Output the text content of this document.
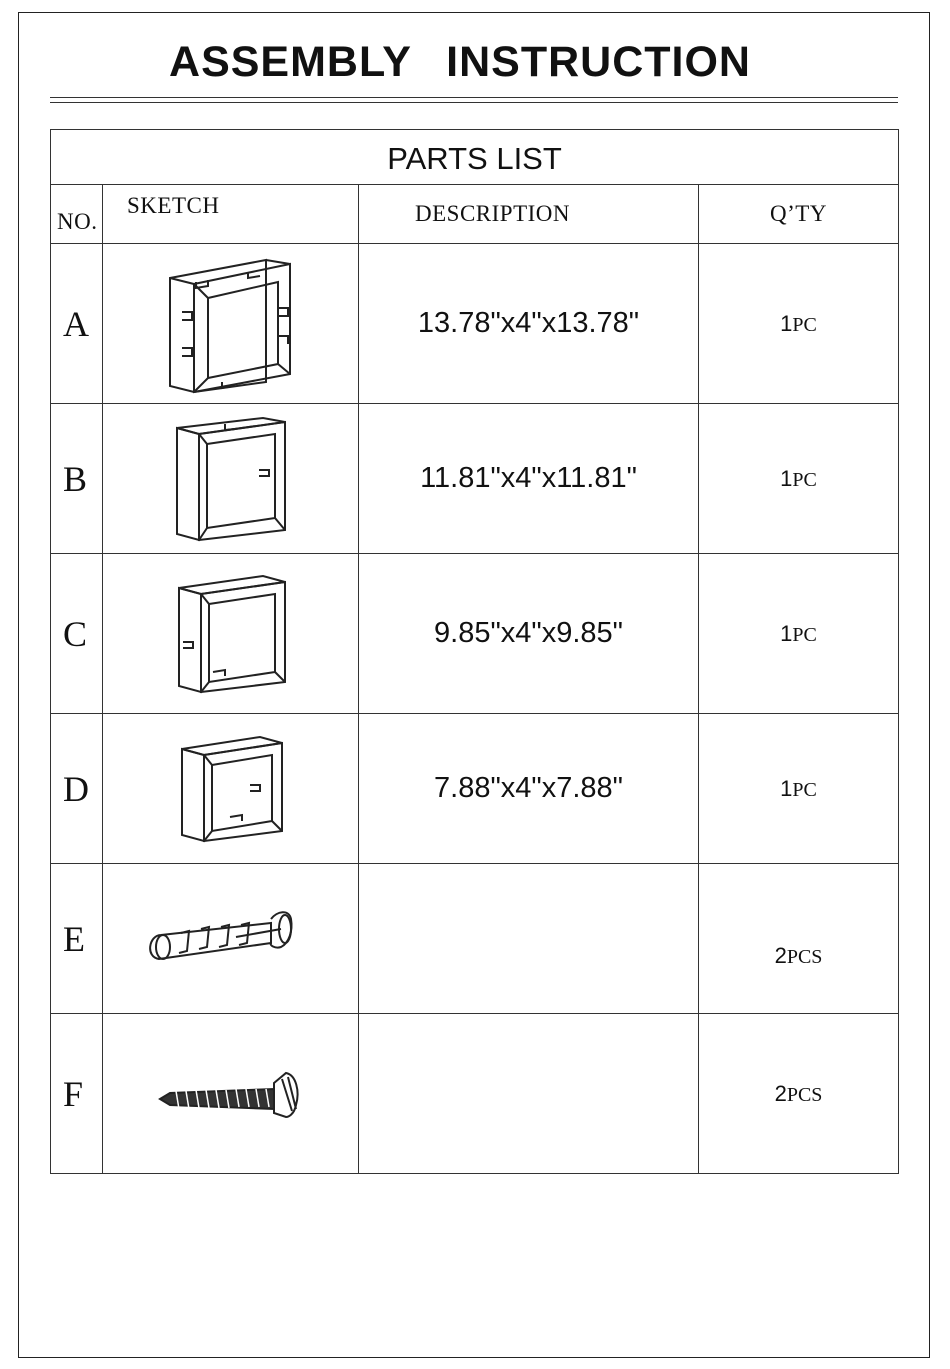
ASSEMBLY INSTRUCTION
PARTS LIST			
NO.	SKETCH	DESCRIPTION	Q’TY
A		13.78"x4"x13.78"	1PC
B		11.81"x4"x11.81"	1PC
C		9.85"x4"x9.85"	1PC
D		7.88"x4"x7.88"	1PC
E			2PCS
F			2PCS
